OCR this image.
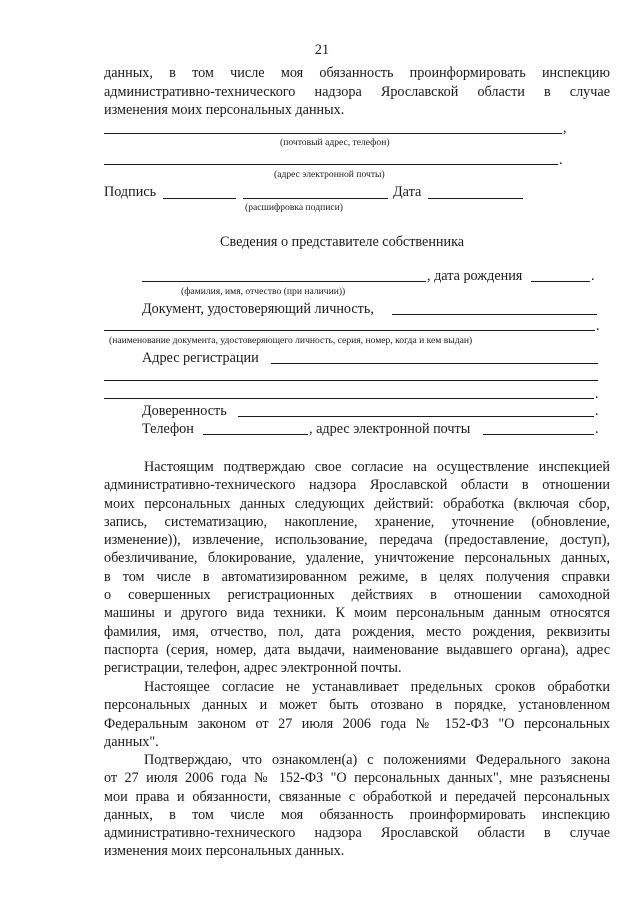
21
данных, в том числе моя обязанность проинформировать инспекцию
административно-технического надзора Ярославской области в случае
изменения моих персональных данных.
,
(почтовый адрес, телефон)
.
(адрес электронной почты)
Подпись	Дата
(расшифровка подписи)
Сведения о представителе собственника
, дата рождения	.
(фамилия, имя, отчество (при наличии))
Документ, удостоверяющий личность,
.
(наименование документа, удостоверяющего личность, серия, номер, когда и кем выдан)
Адрес регистрации
.
Доверенность	.
Телефон	, адрес электронной почты	.
Настоящим подтверждаю свое согласие на осуществление инспекцией
административно-технического надзора Ярославской области в отношении
моих персональных данных следующих действий: обработка (включая сбор,
запись, систематизацию, накопление, хранение, уточнение (обновление,
изменение)), извлечение, использование, передача (предоставление, доступ),
обезличивание, блокирование, удаление, уничтожение персональных данных,
в том числе в автоматизированном режиме, в целях получения справки
о совершенных регистрационных действиях в отношении самоходной
машины и другого вида техники. К моим персональным данным относятся
фамилия, имя, отчество, пол, дата рождения, место рождения, реквизиты
паспорта (серия, номер, дата выдачи, наименование выдавшего органа), адрес
регистрации, телефон, адрес электронной почты.
Настоящее согласие не устанавливает предельных сроков обработки
персональных данных и может быть отозвано в порядке, установленном
Федеральным законом от 27 июля 2006 года № 152-ФЗ "О персональных
данных".
Подтверждаю, что ознакомлен(а) с положениями Федерального закона
от 27 июля 2006 года № 152-ФЗ "О персональных данных", мне разъяснены
мои права и обязанности, связанные с обработкой и передачей персональных
данных, в том числе моя обязанность проинформировать инспекцию
административно-технического надзора Ярославской области в случае
изменения моих персональных данных.
